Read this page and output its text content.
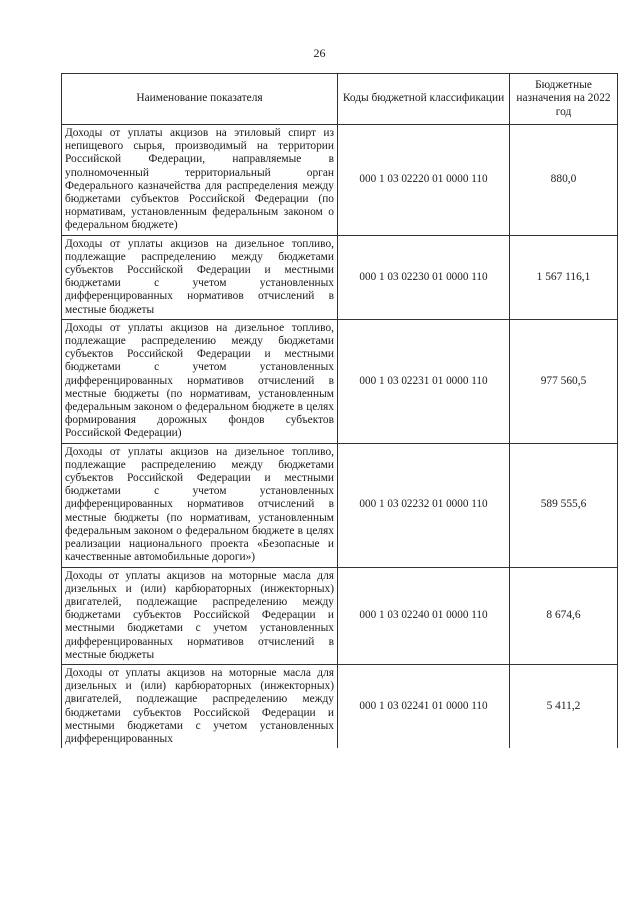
26
Наименование показателя	Коды бюджетной классификации	Бюджетные назначения на 2022 год
Доходы от уплаты акцизов на этиловый спирт из непищевого сырья, производимый на территории Российской Федерации, направляемые в уполномоченный территориальный орган Федерального казначейства для распределения между бюджетами субъектов Российской Федерации (по нормативам, установленным федеральным законом о федеральном бюджете)	000 1 03 02220 01 0000 110	880,0
Доходы от уплаты акцизов на дизельное топливо, подлежащие распределению между бюджетами субъектов Российской Федерации и местными бюджетами с учетом установленных дифференцированных нормативов отчислений в местные бюджеты	000 1 03 02230 01 0000 110	1 567 116,1
Доходы от уплаты акцизов на дизельное топливо, подлежащие распределению между бюджетами субъектов Российской Федерации и местными бюджетами с учетом установленных дифференцированных нормативов отчислений в местные бюджеты (по нормативам, установленным федеральным законом о федеральном бюджете в целях формирования дорожных фондов субъектов Российской Федерации)	000 1 03 02231 01 0000 110	977 560,5
Доходы от уплаты акцизов на дизельное топливо, подлежащие распределению между бюджетами субъектов Российской Федерации и местными бюджетами с учетом установленных дифференцированных нормативов отчислений в местные бюджеты (по нормативам, установленным федеральным законом о федеральном бюджете в целях реализации национального проекта «Безопасные и качественные автомобильные дороги»)	000 1 03 02232 01 0000 110	589 555,6
Доходы от уплаты акцизов на моторные масла для дизельных и (или) карбюраторных (инжекторных) двигателей, подлежащие распределению между бюджетами субъектов Российской Федерации и местными бюджетами с учетом установленных дифференцированных нормативов отчислений в местные бюджеты	000 1 03 02240 01 0000 110	8 674,6
Доходы от уплаты акцизов на моторные масла для дизельных и (или) карбюраторных (инжекторных) двигателей, подлежащие распределению между бюджетами субъектов Российской Федерации и местными бюджетами с учетом установленных дифференцированных	000 1 03 02241 01 0000 110	5 411,2
